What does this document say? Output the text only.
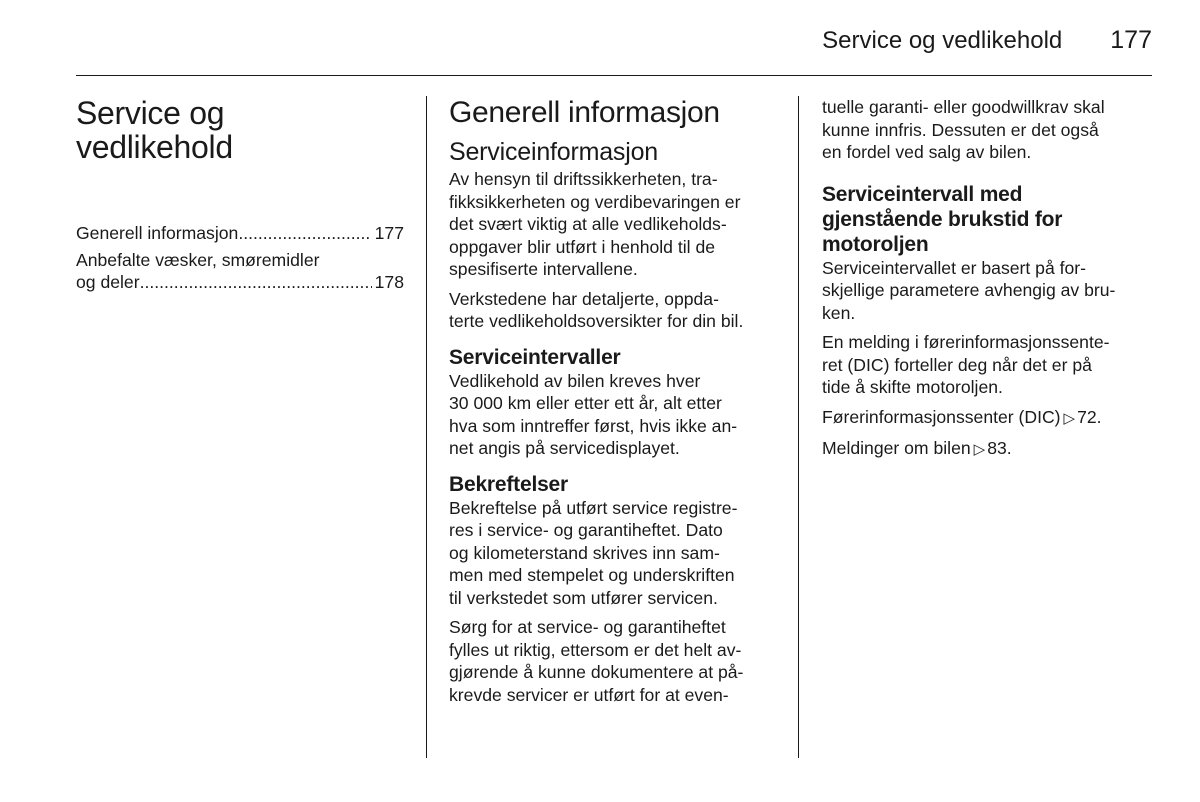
Service og vedlikehold 177
Service og
vedlikehold
Generell informasjon .....	177
Anbefalte væsker, smøremidler
og deler .....	178
Generell informasjon
Serviceinformasjon

Av hensyn til driftssikkerheten, tra-
fikksikkerheten og verdibevaringen er
det svært viktig at alle vedlikeholds-
oppgaver blir utført i henhold til de
spesifiserte intervallene.

Verkstedene har detaljerte, oppda-
terte vedlikeholdsoversikter for din bil.

Serviceintervaller

Vedlikehold av bilen kreves hver
30 000 km eller etter ett år, alt etter
hva som inntreffer først, hvis ikke an-
net angis på servicedisplayet.

Bekreftelser

Bekreftelse på utført service registre-
res i service- og garantiheftet. Dato
og kilometerstand skrives inn sam-
men med stempelet og underskriften
til verkstedet som utfører servicen.

Sørg for at service- og garantiheftet
fylles ut riktig, ettersom er det helt av-
gjørende å kunne dokumentere at på-
krevde servicer er utført for at even-

tuelle garanti- eller goodwillkrav skal
kunne innfris. Dessuten er det også
en fordel ved salg av bilen.

Serviceintervall med
gjenstående brukstid for
motoroljen

Serviceintervallet er basert på for-
skjellige parametere avhengig av bru-
ken.

En melding i førerinformasjonssente-
ret (DIC) forteller deg når det er på
tide å skifte motoroljen.

Førerinformasjonssenter (DIC) ▷ 72.

Meldinger om bilen ▷ 83.
